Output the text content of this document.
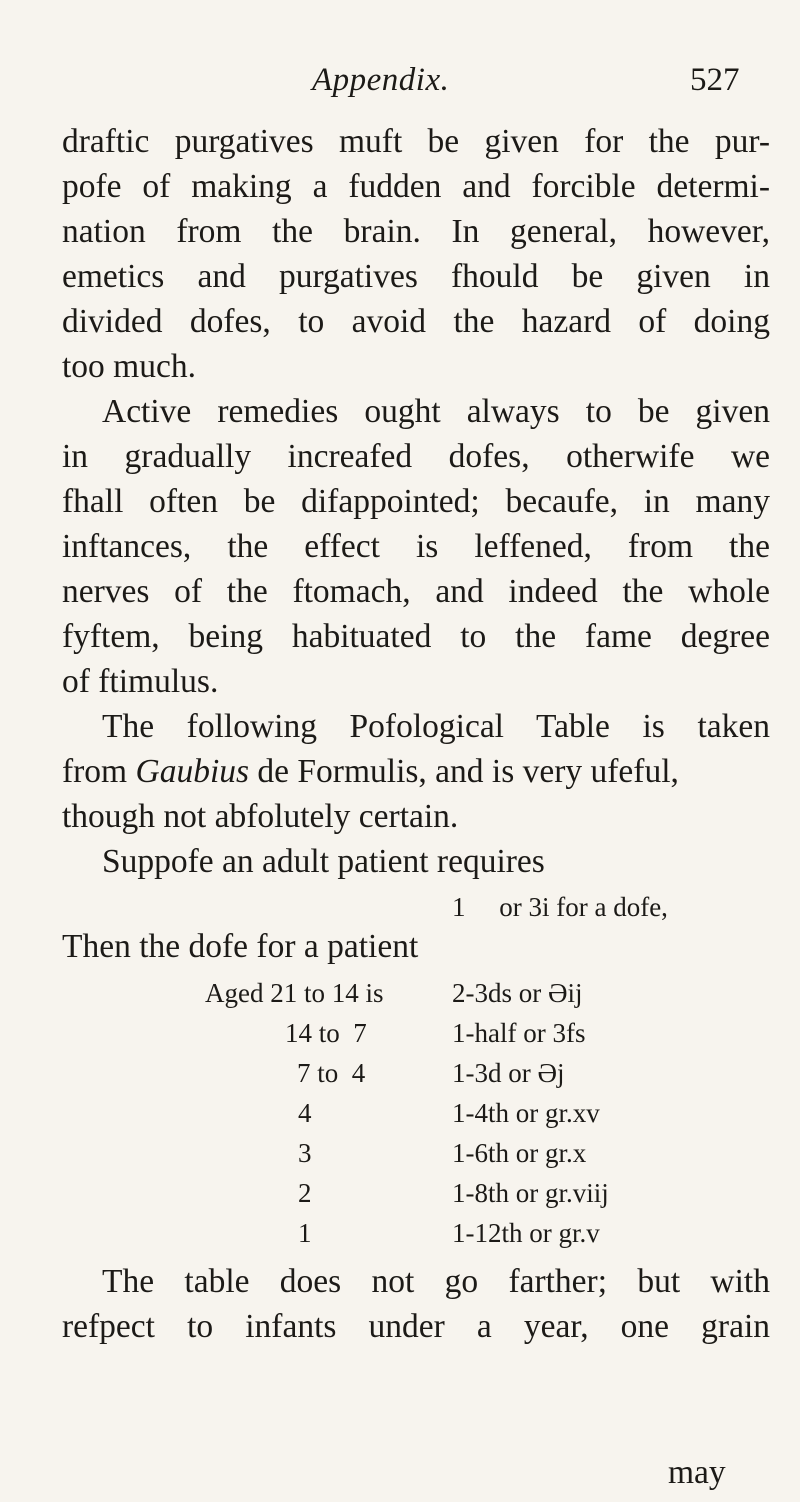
Appendix.	527
draftic purgatives muft be given for the pur-
pofe of making a fudden and forcible determi-
nation from the brain. In general, however,
emetics and purgatives fhould be given in
divided dofes, to avoid the hazard of doing
too much.
Active remedies ought always to be given
in gradually increafed dofes, otherwife we
fhall often be difappointed; becaufe, in many
inftances, the effect is leffened, from the
nerves of the ftomach, and indeed the whole
fyftem, being habituated to the fame degree
of ftimulus.
The following Pofological Table is taken
from Gaubius de Formulis, and is very ufeful,
though not abfolutely certain.
Suppofe an adult patient requires
1     or 3i for a dofe,
Then the dofe for a patient
Aged 21 to 14 is	2-3ds or Әij
14 to  7	1-half or 3fs
7 to  4	1-3d or Әj
4	1-4th or gr.xv
3	1-6th or gr.x
2	1-8th or gr.viij
1	1-12th or gr.v
The table does not go farther; but with
refpect to infants under a year, one grain
may
